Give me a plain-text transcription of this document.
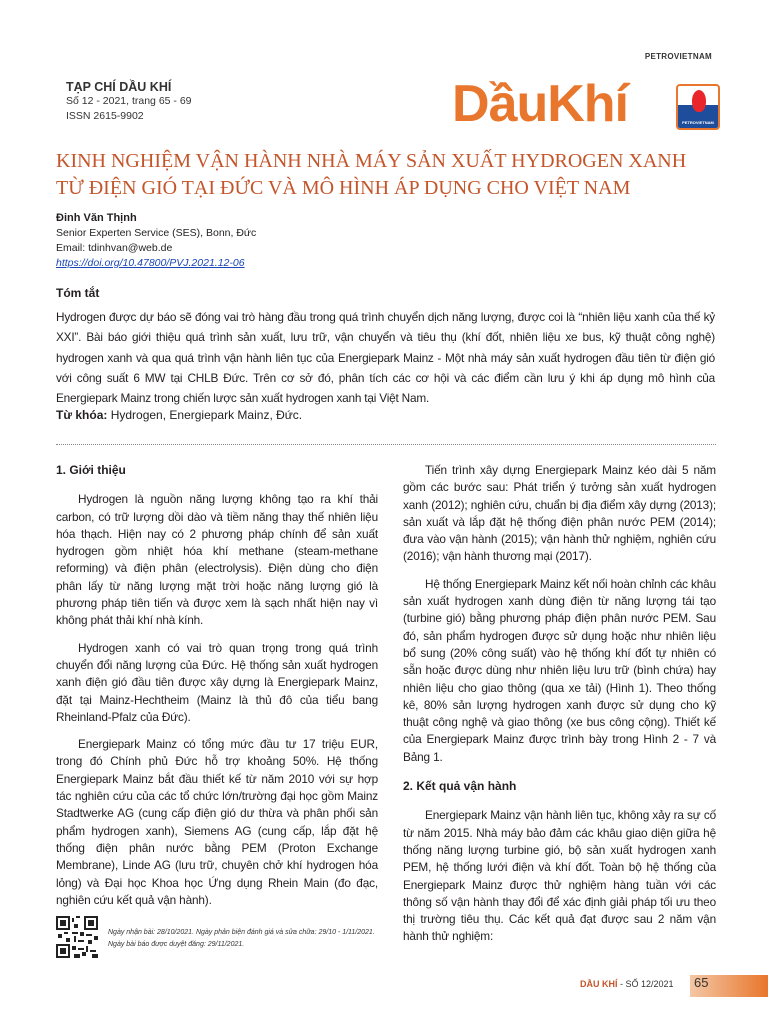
PETROVIETNAM
TẠP CHÍ DẦU KHÍ
Số 12 - 2021, trang 65 - 69
ISSN 2615-9902	DầuKhí	PETROVIETNAM
KINH NGHIỆM VẬN HÀNH NHÀ MÁY SẢN XUẤT HYDROGEN XANH
TỪ ĐIỆN GIÓ TẠI ĐỨC VÀ MÔ HÌNH ÁP DỤNG CHO VIỆT NAM
Đinh Văn Thịnh
Senior Experten Service (SES), Bonn, Đức
Email: tdinhvan@web.de
https://doi.org/10.47800/PVJ.2021.12-06
Tóm tắt
Hydrogen được dự báo sẽ đóng vai trò hàng đầu trong quá trình chuyển dịch năng lượng, được coi là “nhiên liệu xanh của thế kỷ XXI”. Bài báo giới thiệu quá trình sản xuất, lưu trữ, vận chuyển và tiêu thụ (khí đốt, nhiên liệu xe bus, kỹ thuật công nghệ) hydrogen xanh và qua quá trình vận hành liên tục của Energiepark Mainz - Một nhà máy sản xuất hydrogen đầu tiên từ điện gió với công suất 6 MW tại CHLB Đức. Trên cơ sở đó, phân tích các cơ hội và các điểm cần lưu ý khi áp dụng mô hình của Energiepark Mainz trong chiến lược sản xuất hydrogen xanh tại Việt Nam.
Từ khóa: Hydrogen, Energiepark Mainz, Đức.
1. Giới thiệu

Hydrogen là nguồn năng lượng không tạo ra khí thải carbon, có trữ lượng dồi dào và tiềm năng thay thế nhiên liệu hóa thạch. Hiện nay có 2 phương pháp chính để sản xuất hydrogen gồm nhiệt hóa khí methane (steam-methane reforming) và điện phân (electrolysis). Điện dùng cho điện phân lấy từ năng lượng mặt trời hoặc năng lượng gió là phương pháp tiên tiến và được xem là sạch nhất hiện nay vì không phát thải khí nhà kính.

Hydrogen xanh có vai trò quan trọng trong quá trình chuyển đổi năng lượng của Đức. Hệ thống sản xuất hydrogen xanh điện gió đầu tiên được xây dựng là Energiepark Mainz, đặt tại Mainz-Hechtheim (Mainz là thủ đô của tiểu bang Rheinland-Pfalz của Đức).

Energiepark Mainz có tổng mức đầu tư 17 triệu EUR, trong đó Chính phủ Đức hỗ trợ khoảng 50%. Hệ thống Energiepark Mainz bắt đầu thiết kế từ năm 2010 với sự hợp tác nghiên cứu của các tổ chức lớn/trường đại học gồm Mainz Stadtwerke AG (cung cấp điện gió dư thừa và phân phối sản phẩm hydrogen xanh), Siemens AG (cung cấp, lắp đặt hệ thống điện phân nước bằng PEM (Proton Exchange Membrane), Linde AG (lưu trữ, chuyên chở khí hydrogen hóa lỏng) và Đại học Khoa học Ứng dụng Rhein Main (đo đạc, nghiên cứu kết quả vận hành).

Tiến trình xây dựng Energiepark Mainz kéo dài 5 năm gồm các bước sau: Phát triển ý tưởng sản xuất hydrogen xanh (2012); nghiên cứu, chuẩn bị địa điểm xây dựng (2013); sản xuất và lắp đặt hệ thống điện phân nước PEM (2014); đưa vào vận hành (2015); vận hành thử nghiệm, nghiên cứu (2016); vận hành thương mại (2017).

Hệ thống Energiepark Mainz kết nối hoàn chỉnh các khâu sản xuất hydrogen xanh dùng điện từ năng lượng tái tạo (turbine gió) bằng phương pháp điện phân nước PEM. Sau đó, sản phẩm hydrogen được sử dụng hoặc như nhiên liệu bổ sung (20% công suất) vào hệ thống khí đốt tự nhiên có sẵn hoặc được dùng như nhiên liệu lưu trữ (bình chứa) hay nhiên liệu cho giao thông (qua xe tải) (Hình 1). Theo thống kê, 80% sản lượng hydrogen xanh được sử dụng cho kỹ thuật công nghệ và giao thông (xe bus công cộng). Thiết kế của Energiepark Mainz được trình bày trong Hình 2 - 7 và Bảng 1.

2. Kết quả vận hành

Energiepark Mainz vận hành liên tục, không xảy ra sự cố từ năm 2015. Nhà máy bảo đảm các khâu giao diện giữa hệ thống năng lượng turbine gió, bộ sản xuất hydrogen xanh PEM, hệ thống lưới điện và khí đốt. Toàn bộ hệ thống của Energiepark Mainz được thử nghiệm hàng tuần với các thông số vận hành thay đổi để xác định giải pháp tối ưu theo thị trường tiêu thụ. Các kết quả đạt được sau 2 năm vận hành thử nghiệm:

Ngày nhận bài: 28/10/2021. Ngày phản biện đánh giá và sửa chữa: 29/10 - 1/11/2021.
Ngày bài báo được duyệt đăng: 29/11/2021.
DẦU KHÍ - SỐ 12/2021 65
